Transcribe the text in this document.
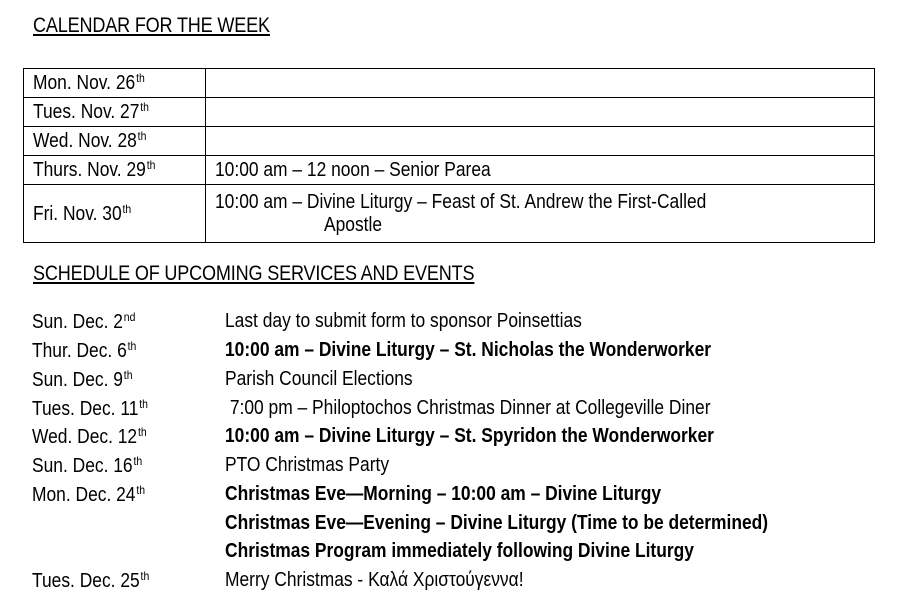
CALENDAR FOR THE WEEK
Mon. Nov. 26th	
Tues. Nov. 27th	
Wed. Nov. 28th	
Thurs. Nov. 29th	10:00 am – 12 noon – Senior Parea
Fri. Nov. 30th	10:00 am – Divine Liturgy – Feast of St. Andrew the First-Called
Apostle
SCHEDULE OF UPCOMING SERVICES AND EVENTS
Sun. Dec. 2nd	Last day to submit form to sponsor Poinsettias
Thur. Dec. 6th	10:00 am – Divine Liturgy – St. Nicholas the Wonderworker
Sun. Dec. 9th	Parish Council Elections
Tues. Dec. 11th	7:00 pm – Philoptochos Christmas Dinner at Collegeville Diner
Wed. Dec. 12th	10:00 am – Divine Liturgy – St. Spyridon the Wonderworker
Sun. Dec. 16th	PTO Christmas Party
Mon. Dec. 24th	Christmas Eve—Morning – 10:00 am – Divine Liturgy
Christmas Eve—Evening – Divine Liturgy (Time to be determined)
Christmas Program immediately following Divine Liturgy
Tues. Dec. 25th	Merry Christmas - Καλά Χριστούγεννα!
